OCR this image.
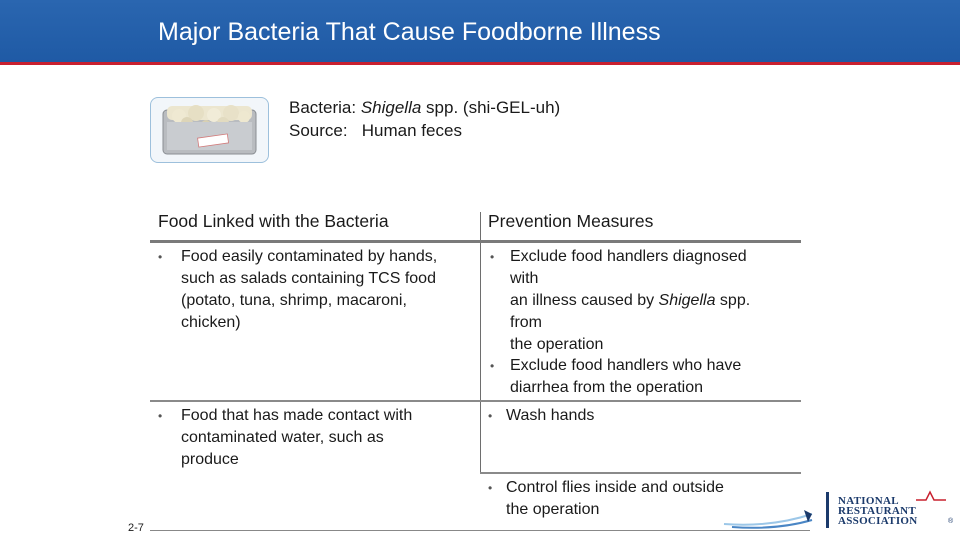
Major Bacteria That Cause Foodborne Illness
Bacteria: Shigella spp. (shi-GEL-uh)
Source:   Human feces
Food Linked with the Bacteria	Prevention Measures
• Food easily contaminated by hands,
such as salads containing TCS food
(potato, tuna, shrimp, macaroni,
chicken)
• Exclude food handlers diagnosed
with
an illness caused by Shigella spp.
from
the operation
• Exclude food handlers who have
diarrhea from the operation
• Food that has made contact with
contaminated water, such as
produce
• Wash hands
• Control flies inside and outside
the operation
2-7
NATIONAL
RESTAURANT
ASSOCIATION	®
